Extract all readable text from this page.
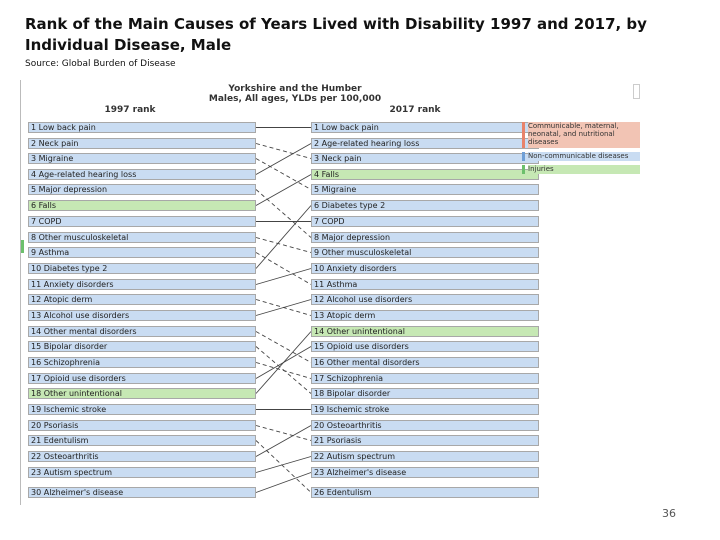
Rank of the Main Causes of Years Lived with Disability 1997 and 2017, by Individual Disease, Male
Source: Global Burden of Disease
Yorkshire and the Humber
Males, All ages, YLDs per 100,000
1997 rank	2017 rank
1 Low back pain
2 Neck pain
3 Migraine
4 Age-related hearing loss
5 Major depression
6 Falls
7 COPD
8 Other musculoskeletal
9 Asthma
10 Diabetes type 2
11 Anxiety disorders
12 Atopic derm
13 Alcohol use disorders
14 Other mental disorders
15 Bipolar disorder
16 Schizophrenia
17 Opioid use disorders
18 Other unintentional
19 Ischemic stroke
20 Psoriasis
21 Edentulism
22 Osteoarthritis
23 Autism spectrum
30 Alzheimer's disease
1 Low back pain
2 Age-related hearing loss
3 Neck pain
4 Falls
5 Migraine
6 Diabetes type 2
7 COPD
8 Major depression
9 Other musculoskeletal
10 Anxiety disorders
11 Asthma
12 Alcohol use disorders
13 Atopic derm
14 Other unintentional
15 Opioid use disorders
16 Other mental disorders
17 Schizophrenia
18 Bipolar disorder
19 Ischemic stroke
20 Osteoarthritis
21 Psoriasis
22 Autism spectrum
23 Alzheimer's disease
26 Edentulism
Communicable, maternal, neonatal, and nutritional diseases
Non-communicable diseases
Injuries
36
